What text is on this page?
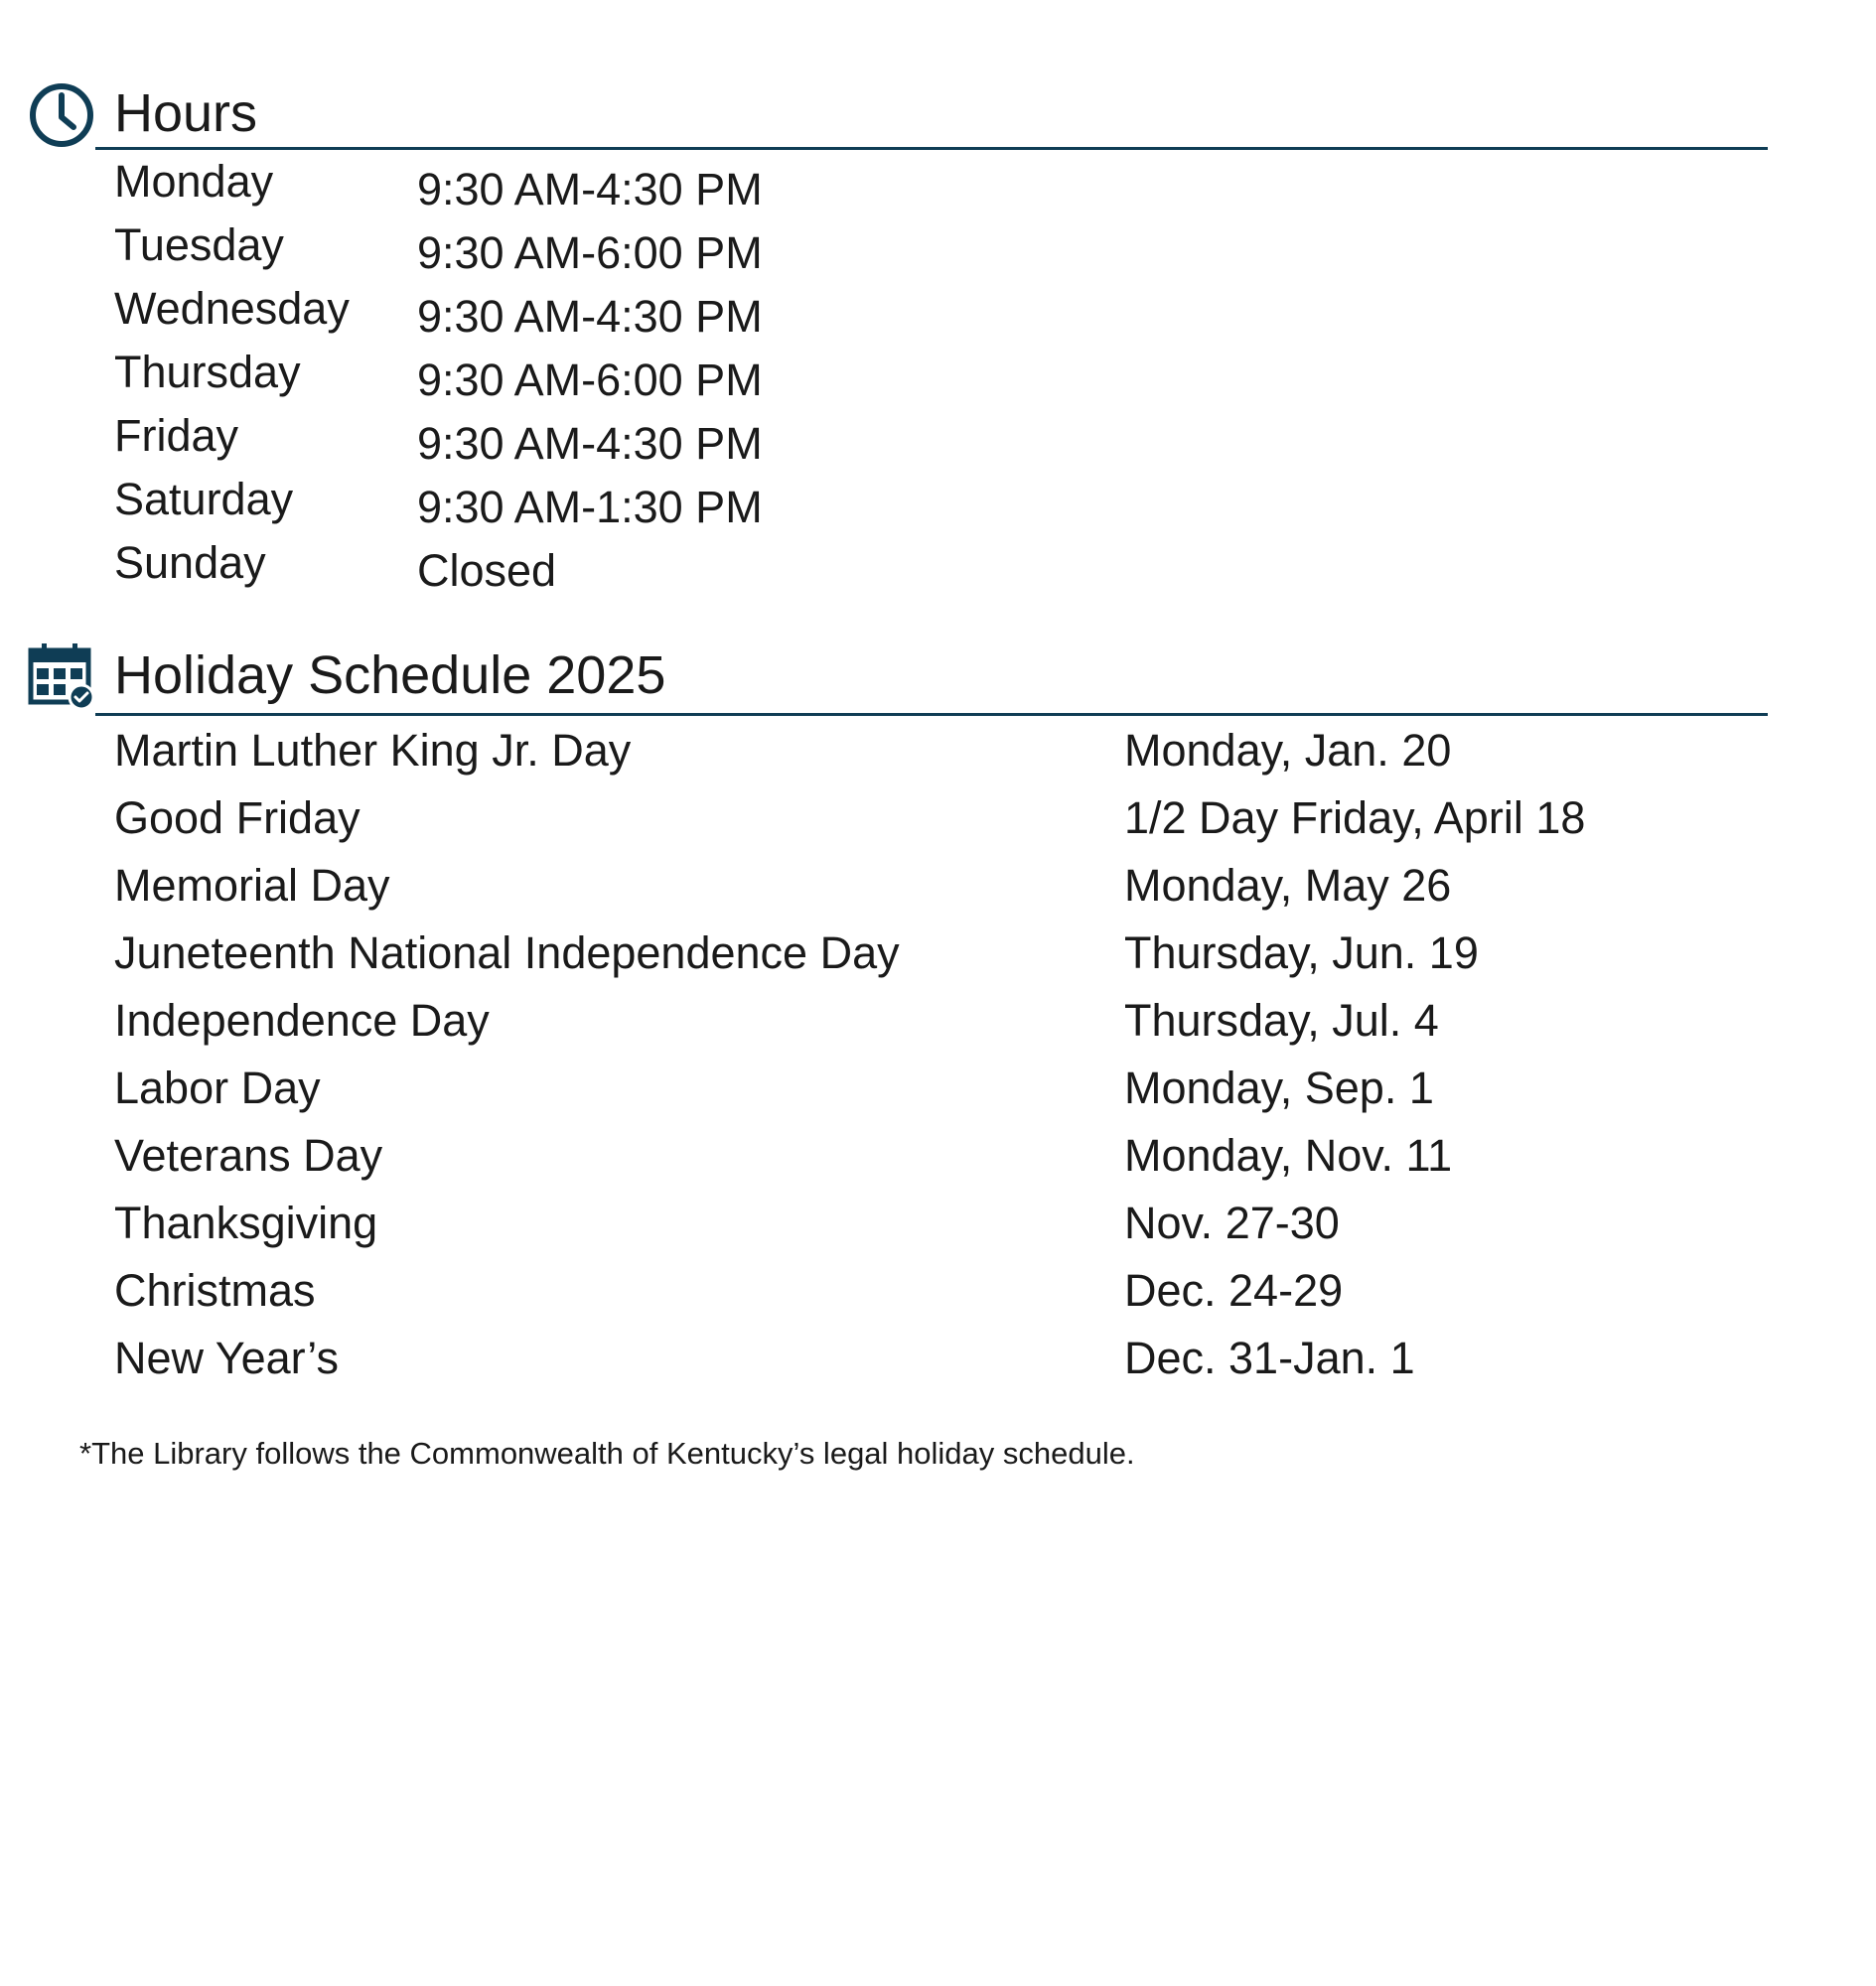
Hours
Monday	9:30 AM-4:30 PM
Tuesday	9:30 AM-6:00 PM
Wednesday 9:30 AM-4:30 PM
Thursday	9:30 AM-6:00 PM
Friday	9:30 AM-4:30 PM
Saturday	9:30 AM-1:30 PM
Sunday	Closed
Holiday Schedule 2025
Martin Luther King Jr. Day	Monday, Jan. 20
Good Friday	1/2 Day Friday, April 18
Memorial Day	Monday, May 26
Juneteenth National Independence Day	Thursday, Jun. 19
Independence Day	Thursday, Jul. 4
Labor Day	Monday, Sep. 1
Veterans Day	Monday, Nov. 11
Thanksgiving	Nov. 27-30
Christmas	Dec. 24-29
New Year’s	Dec. 31-Jan. 1
*The Library follows the Commonwealth of Kentucky’s legal holiday schedule.
